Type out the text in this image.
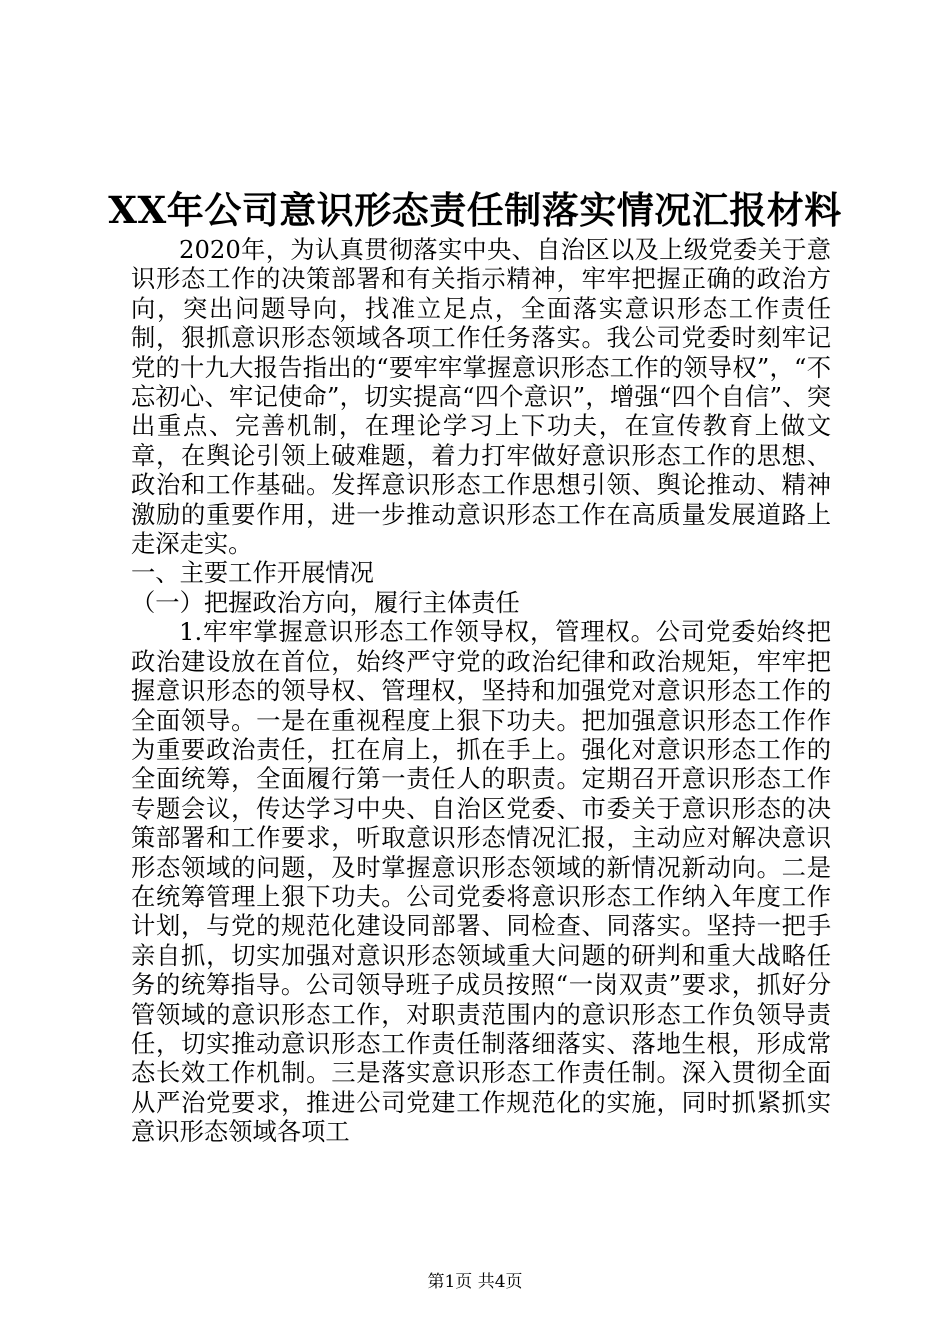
XX年公司意识形态责任制落实情况汇报材料

2020年，为认真贯彻落实中央、自治区以及上级党委关于意识形态工作的决策部署和有关指示精神，牢牢把握正确的政治方向，突出问题导向，找准立足点，全面落实意识形态工作责任制，狠抓意识形态领域各项工作任务落实。我公司党委时刻牢记党的十九大报告指出的“要牢牢掌握意识形态工作的领导权”，“不忘初心、牢记使命”，切实提高“四个意识”，增强“四个自信”、突出重点、完善机制，在理论学习上下功夫，在宣传教育上做文章，在舆论引领上破难题，着力打牢做好意识形态工作的思想、政治和工作基础。发挥意识形态工作思想引领、舆论推动、精神激励的重要作用，进一步推动意识形态工作在高质量发展道路上走深走实。

一、主要工作开展情况

（一）把握政治方向，履行主体责任

1.牢牢掌握意识形态工作领导权，管理权。公司党委始终把政治建设放在首位，始终严守党的政治纪律和政治规矩，牢牢把握意识形态的领导权、管理权，坚持和加强党对意识形态工作的全面领导。一是在重视程度上狠下功夫。把加强意识形态工作作为重要政治责任，扛在肩上，抓在手上。强化对意识形态工作的全面统筹，全面履行第一责任人的职责。定期召开意识形态工作专题会议，传达学习中央、自治区党委、市委关于意识形态的决策部署和工作要求，听取意识形态情况汇报，主动应对解决意识形态领域的问题，及时掌握意识形态领域的新情况新动向。二是在统筹管理上狠下功夫。公司党委将意识形态工作纳入年度工作计划，与党的规范化建设同部署、同检查、同落实。坚持一把手亲自抓，切实加强对意识形态领域重大问题的研判和重大战略任务的统筹指导。公司领导班子成员按照“一岗双责”要求，抓好分管领域的意识形态工作，对职责范围内的意识形态工作负领导责任，切实推动意识形态工作责任制落细落实、落地生根，形成常态长效工作机制。三是落实意识形态工作责任制。深入贯彻全面从严治党要求，推进公司党建工作规范化的实施，同时抓紧抓实意识形态领域各项工

第1页 共4页
